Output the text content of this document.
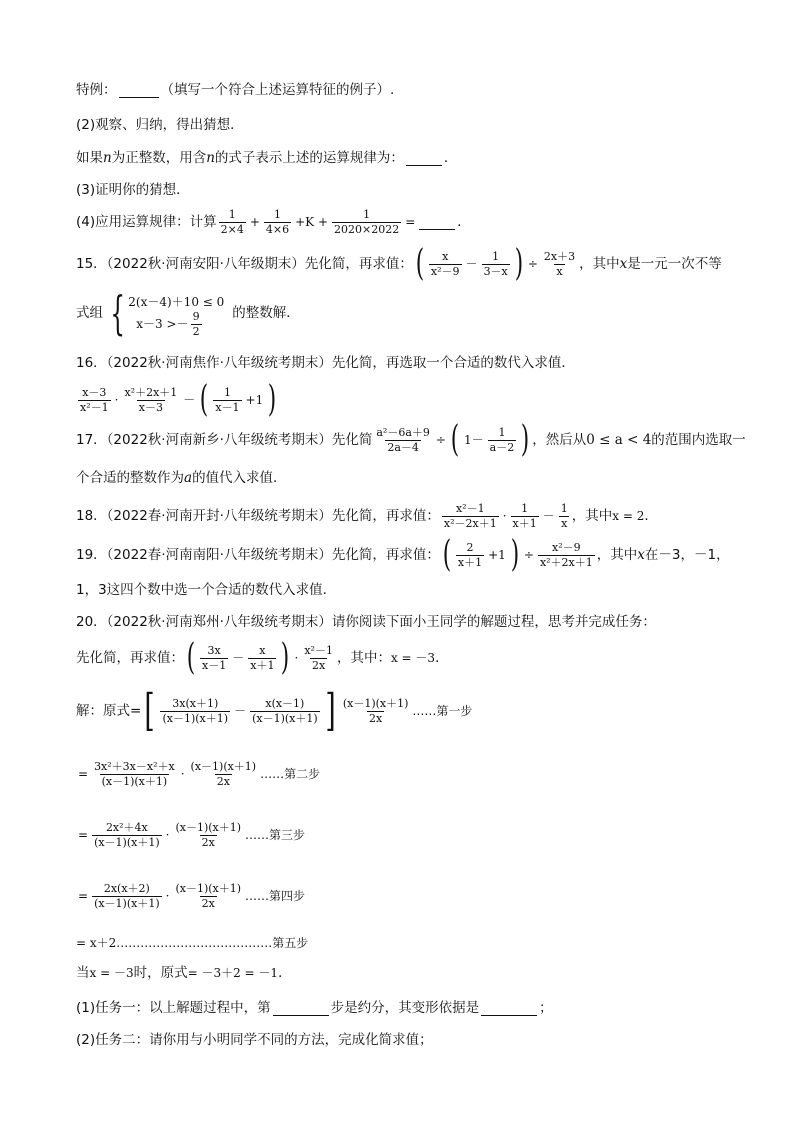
特例：	（填写一个符合上述运算特征的例子）.
(2)观察、归纳，得出猜想．
如果 n 为正整数，用含 n 的式子表示上述的运算规律为：	．
(3)证明你的猜想．
(4)应用运算规律：计算 $\frac{1}{2\times 4} + \frac{1}{4\times 6} +K + \frac{1}{2020\times 2022}$ =	．
15．（2022秋·河南安阳·八年级期末）先化简，再求值： ( $\frac{x}{\text{x²－9}} - \frac{1}{3-x}$ ) ÷ $\frac{2x+3}{x}$ ，其中 x 是一元一次不等
式组 { 2(x－4)＋10 ≤ 0
$x-3 >- \frac{9}{2}$ 的整数解．
16．（2022秋·河南焦作·八年级统考期末）先化简，再选取一个合适的数代入求值．
$\frac{x-3}{\text{x²－1}} \cdot \frac{\text{x²＋2x＋1}}{x-3}$ － ( $\frac{1}{x-1} +1$ )
17．（2022秋·河南新乡·八年级统考期末）先化简 $\frac{\text{a²－6a＋9}}{2a-4}$ ÷ ( $1- \frac{1}{a-2}$ ) ，然后从 0 ≤ a < 4 的范围内选取一
个合适的整数作为 a 的值代入求值．
18．（2022春·河南开封·八年级统考期末）先化简，再求值： $\frac{\text{x²－1}}{\text{x²－2x＋1}} \cdot \frac{1}{x+1} - \frac{1}{x}$ ，其中 x = 2 ．
19．（2022春·河南南阳·八年级统考期末）先化简，再求值： ( $\frac{2}{x+1} +1$ ) ÷ $\frac{\text{x²－9}}{\text{x²＋2x＋1}}$ ，其中 x 在－3，－1，
1，3这四个数中选一个合适的数代入求值．
20．（2022秋·河南郑州·八年级统考期末）请你阅读下面小王同学的解题过程，思考并完成任务：
先化简，再求值： ( $\frac{3x}{x-1} - \frac{x}{x+1}$ ) · $\frac{\text{x²－1}}{2x}$ ，其中： x = －3 ．
解：原式= [ $\frac{3x(x+1)}{(x-1)(x+1)} - \frac{x(x-1)}{(x-1)(x+1)}$ ] $\frac{(x-1)(x+1)}{2x}$ ……第一步
= $\frac{\text{3x²＋3x－x²＋x}}{(x-1)(x+1)} \cdot \frac{(x-1)(x+1)}{2x}$ ……第二步
= $\frac{\text{2x²＋4x}}{(x-1)(x+1)} \cdot \frac{(x-1)(x+1)}{2x}$ ……第三步
= $\frac{2x(x+2)}{(x-1)(x+1)} \cdot \frac{(x-1)(x+1)}{2x}$ ……第四步
= x＋2 …………………………………第五步
当 x = －3 时，原式 = －3＋2 = －1 ．
(1)任务一：以上解题过程中，第	步是约分，其变形依据是	；
(2)任务二：请你用与小明同学不同的方法，完成化简求值；
